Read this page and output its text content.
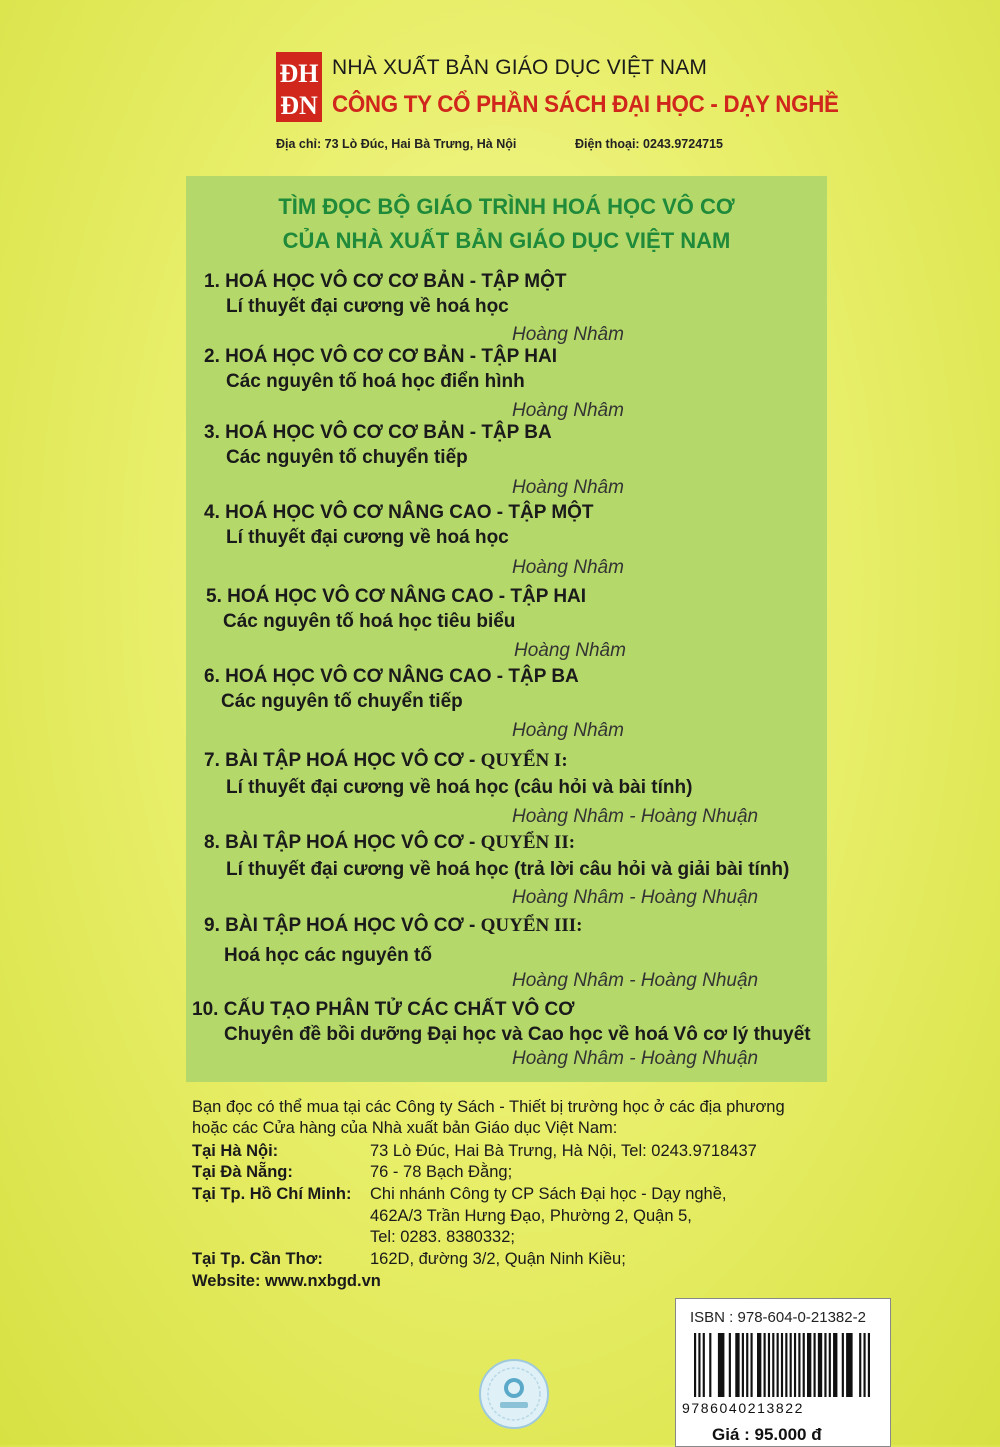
ĐH
ĐN
NHÀ XUẤT BẢN GIÁO DỤC VIỆT NAM
CÔNG TY CỔ PHẦN SÁCH ĐẠI HỌC - DẠY NGHỀ
Địa chỉ: 73 Lò Đúc, Hai Bà Trưng, Hà Nội	Điện thoại: 0243.9724715
TÌM ĐỌC BỘ GIÁO TRÌNH HOÁ HỌC VÔ CƠ
CỦA NHÀ XUẤT BẢN GIÁO DỤC VIỆT NAM
1. HOÁ HỌC VÔ CƠ CƠ BẢN - TẬP MỘT
Lí thuyết đại cương về hoá học
Hoàng Nhâm
2. HOÁ HỌC VÔ CƠ CƠ BẢN - TẬP HAI
Các nguyên tố hoá học điển hình
Hoàng Nhâm
3. HOÁ HỌC VÔ CƠ CƠ BẢN - TẬP BA
Các nguyên tố chuyển tiếp
Hoàng Nhâm
4. HOÁ HỌC VÔ CƠ NÂNG CAO - TẬP MỘT
Lí thuyết đại cương về hoá học
Hoàng Nhâm
5. HOÁ HỌC VÔ CƠ NÂNG CAO - TẬP HAI
Các nguyên tố hoá học tiêu biểu
Hoàng Nhâm
6. HOÁ HỌC VÔ CƠ NÂNG CAO - TẬP BA
Các nguyên tố chuyển tiếp
Hoàng Nhâm
7. BÀI TẬP HOÁ HỌC VÔ CƠ - QUYỂN I:
Lí thuyết đại cương về hoá học (câu hỏi và bài tính)
Hoàng Nhâm - Hoàng Nhuận
8. BÀI TẬP HOÁ HỌC VÔ CƠ - QUYỂN II:
Lí thuyết đại cương về hoá học (trả lời câu hỏi và giải bài tính)
Hoàng Nhâm - Hoàng Nhuận
9. BÀI TẬP HOÁ HỌC VÔ CƠ - QUYỂN III:
Hoá học các nguyên tố
Hoàng Nhâm - Hoàng Nhuận
10. CẤU TẠO PHÂN TỬ CÁC CHẤT VÔ CƠ
Chuyên đề bồi dưỡng Đại học và Cao học về hoá Vô cơ lý thuyết
Hoàng Nhâm - Hoàng Nhuận
Bạn đọc có thể mua tại các Công ty Sách - Thiết bị trường học ở các địa phương
hoặc các Cửa hàng của Nhà xuất bản Giáo dục Việt Nam:
Tại Hà Nội:	73 Lò Đúc, Hai Bà Trưng, Hà Nội, Tel: 0243.9718437
Tại Đà Nẵng:	76 - 78 Bạch Đằng;
Tại Tp. Hồ Chí Minh: Chi nhánh Công ty CP Sách Đại học - Dạy nghề,
462A/3 Trần Hưng Đạo, Phường 2, Quận 5,
Tel: 0283. 8380332;
Tại Tp. Cần Thơ:	162D, đường 3/2, Quận Ninh Kiều;
Website: www.nxbgd.vn
ISBN : 978-604-0-21382-2
9786040213822
Giá : 95.000 đ
